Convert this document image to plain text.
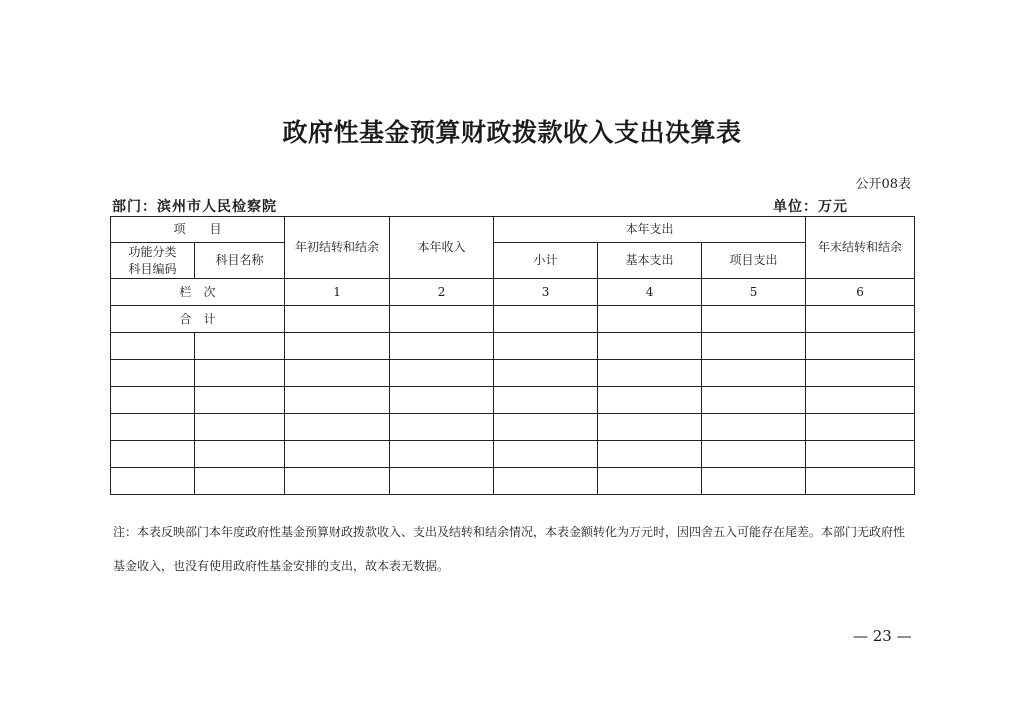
政府性基金预算财政拨款收入支出决算表
公开08表
部门：滨州市人民检察院	单位：万元
项　　目		年初结转和结余	本年收入	本年支出			年末结转和结余
功能分类
科目编码	科目名称			小计	基本支出	项目支出	
栏　次		1	2	3	4	5	6
合　计							

注：本表反映部门本年度政府性基金预算财政拨款收入、支出及结转和结余情况，本表金额转化为万元时，因四舍五入可能存在尾差。本部门无政府性基金收入，也没有使用政府性基金安排的支出，故本表无数据。
— 23 —
